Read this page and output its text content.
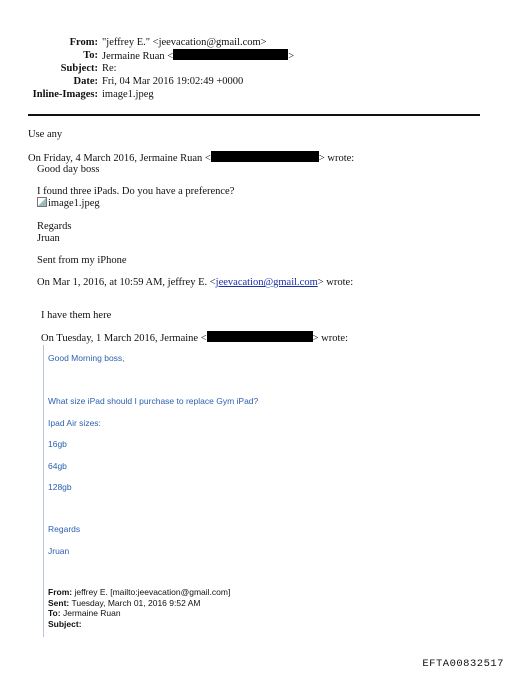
From: "jeffrey E." <jeevacation@gmail.com>
To: Jermaine Ruan <	>
Subject: Re:
Date: Fri, 04 Mar 2016 19:02:49 +0000
Inline-Images: image1.jpeg
Use any
On Friday, 4 March 2016, Jermaine Ruan <	> wrote:
Good day boss
I found three iPads. Do you have a preference?
image1.jpeg
Regards
Jruan
Sent from my iPhone
On Mar 1, 2016, at 10:59 AM, jeffrey E. <jeevacation@gmail.com> wrote:
I have them here
On Tuesday, 1 March 2016, Jermaine <	> wrote:
Good Morning boss,
What size iPad should I purchase to replace Gym iPad?
Ipad Air sizes:
16gb
64gb
128gb
Regards
Jruan
From: jeffrey E. [mailto:jeevacation@gmail.com]
Sent: Tuesday, March 01, 2016 9:52 AM
To: Jermaine Ruan
Subject:
EFTA00832517
